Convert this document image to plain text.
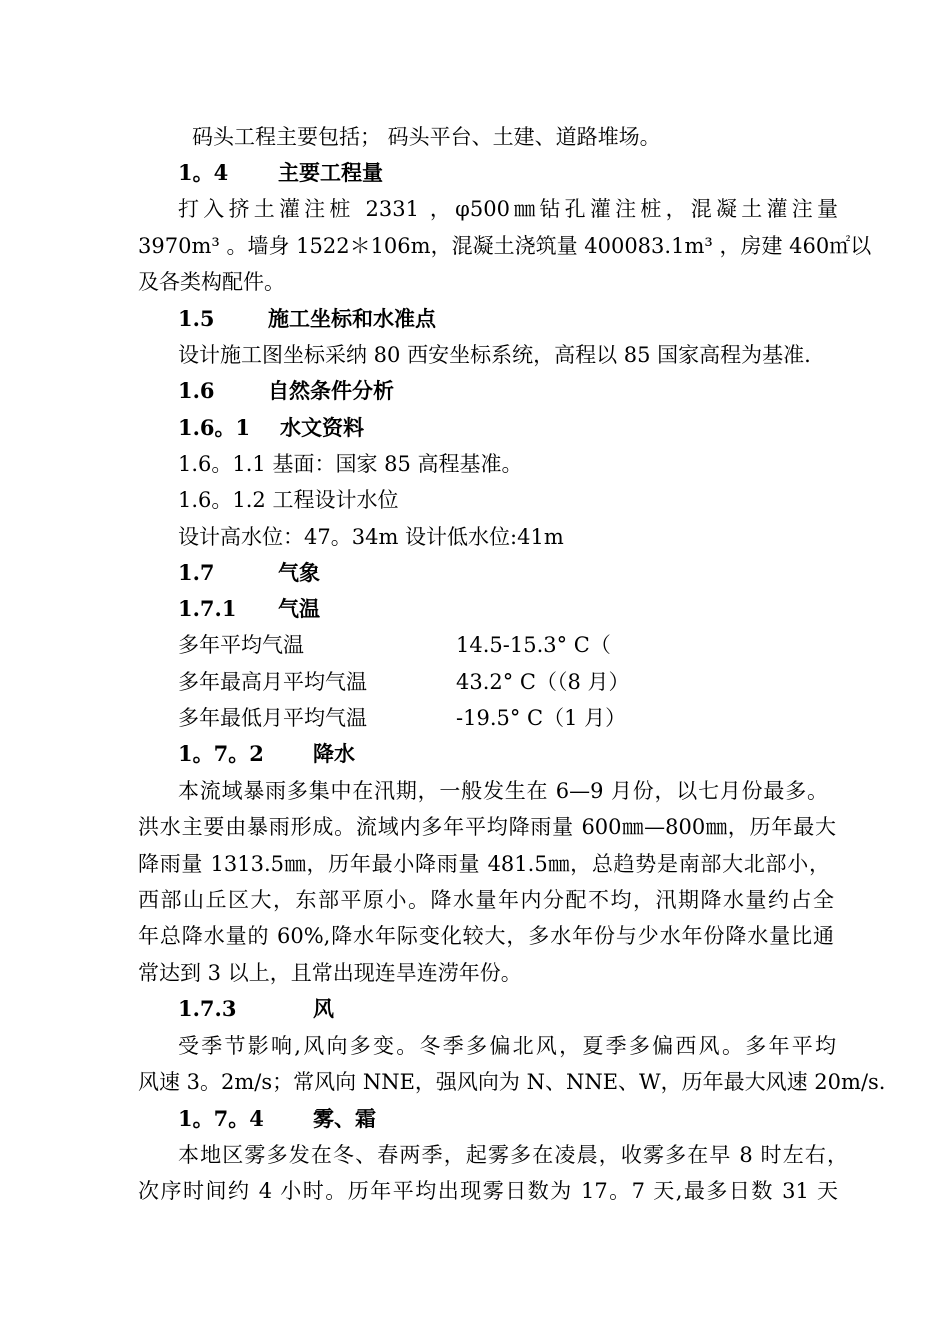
码头工程主要包括； 码头平台、土建、道路堆场。
1。4 主要工程量
打入挤土灌注桩 2331 ，φ500㎜钻孔灌注桩，混凝土灌注量
3970m³ 。墙身 1522＊106m，混凝土浇筑量 400083.1m³ ，房建 460㎡以
及各类构配件。
1.5	施工坐标和水准点
设计施工图坐标采纳 80 西安坐标系统，高程以 85 国家高程为基准.
1.6	自然条件分析
1.6。1 水文资料
1.6。1.1 基面：国家 85 高程基准。
1.6。1.2 工程设计水位
设计高水位：47。34m 设计低水位:41m
1.7	气象
1.7.1 气温
多年平均气温	14.5-15.3° C（
多年最高月平均气温	43.2° C（（8 月）
多年最低月平均气温	-19.5° C（1 月）
1。7。2 降水
本流域暴雨多集中在汛期，一般发生在 6—9 月份，以七月份最多。
洪水主要由暴雨形成。流域内多年平均降雨量 600㎜—800㎜，历年最大
降雨量 1313.5㎜，历年最小降雨量 481.5㎜，总趋势是南部大北部小，
西部山丘区大，东部平原小。降水量年内分配不均，汛期降水量约占全
年总降水量的 60%,降水年际变化较大，多水年份与少水年份降水量比通
常达到 3 以上，且常出现连旱连涝年份。
1.7.3	风
受季节影响,风向多变。冬季多偏北风，夏季多偏西风。多年平均
风速 3。2m/s；常风向 NNE，强风向为 N、NNE、W，历年最大风速 20m/s.
1。7。4 雾、霜
本地区雾多发在冬、春两季，起雾多在凌晨，收雾多在早 8 时左右，
次序时间约 4 小时。历年平均出现雾日数为 17。7 天,最多日数 31 天
